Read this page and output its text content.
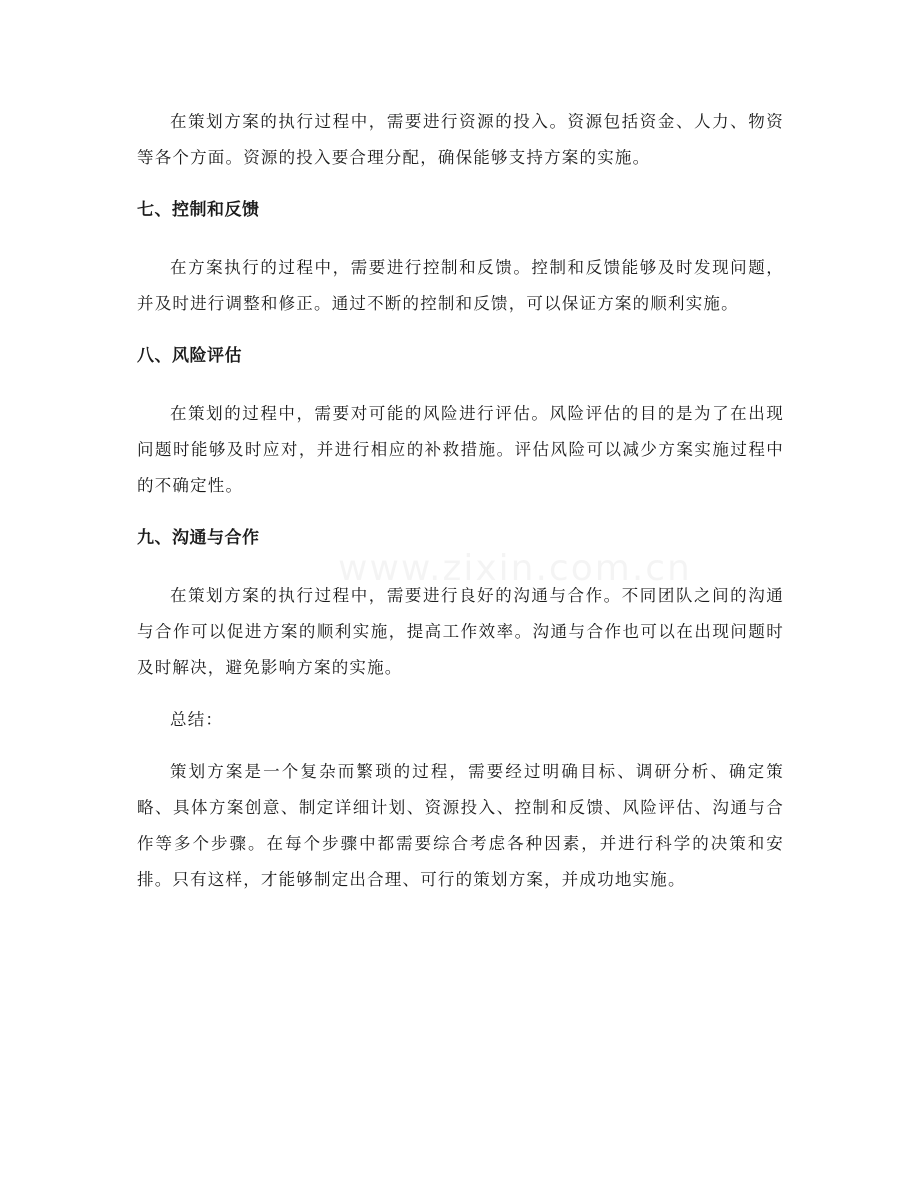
在策划方案的执行过程中，需要进行资源的投入。资源包括资金、人力、物资等各个方面。资源的投入要合理分配，确保能够支持方案的实施。

七、控制和反馈

在方案执行的过程中，需要进行控制和反馈。控制和反馈能够及时发现问题，并及时进行调整和修正。通过不断的控制和反馈，可以保证方案的顺利实施。

八、风险评估

在策划的过程中，需要对可能的风险进行评估。风险评估的目的是为了在出现问题时能够及时应对，并进行相应的补救措施。评估风险可以减少方案实施过程中的不确定性。

九、沟通与合作

在策划方案的执行过程中，需要进行良好的沟通与合作。不同团队之间的沟通与合作可以促进方案的顺利实施，提高工作效率。沟通与合作也可以在出现问题时及时解决，避免影响方案的实施。

总结：

策划方案是一个复杂而繁琐的过程，需要经过明确目标、调研分析、确定策略、具体方案创意、制定详细计划、资源投入、控制和反馈、风险评估、沟通与合作等多个步骤。在每个步骤中都需要综合考虑各种因素，并进行科学的决策和安排。只有这样，才能够制定出合理、可行的策划方案，并成功地实施。
